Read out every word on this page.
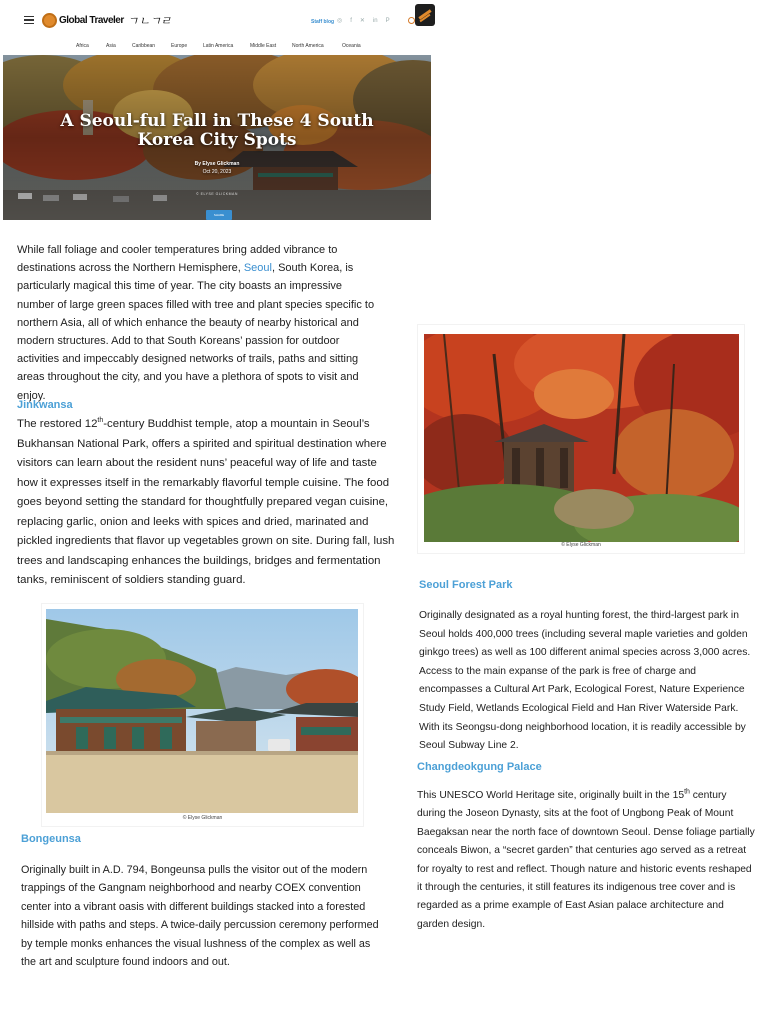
Global Traveler ㄱ ㄴㄱㄹ	Staff blog ◎ f ✕ in P
Africa	Asia	Caribbean	Europe	Latin America	Middle East	North America	Oceania
A Seoul-ful Fall in These 4 South Korea City Spots
By Elyse Glickman
Oct 20, 2023
© ELYSE GLICKMAN
SHARE

While fall foliage and cooler temperatures bring added vibrance to destinations across the Northern Hemisphere, Seoul, South Korea, is particularly magical this time of year. The city boasts an impressive number of large green spaces filled with tree and plant species specific to northern Asia, all of which enhance the beauty of nearby historical and modern structures. Add to that South Koreans’ passion for outdoor activities and impeccably designed networks of trails, paths and sitting areas throughout the city, and you have a plethora of spots to visit and enjoy.

Jinkwansa

The restored 12th-century Buddhist temple, atop a mountain in Seoul’s Bukhansan National Park, offers a spirited and spiritual destination where visitors can learn about the resident nuns’ peaceful way of life and taste how it expresses itself in the remarkably flavorful temple cuisine. The food goes beyond setting the standard for thoughtfully prepared vegan cuisine, replacing garlic, onion and leeks with spices and dried, marinated and pickled ingredients that flavor up vegetables grown on site. During fall, lush trees and landscaping enhances the buildings, bridges and fermentation tanks, reminiscent of soldiers standing guard.

© Elyse Glickman
Seoul Forest Park

Originally designated as a royal hunting forest, the third-largest park in Seoul holds 400,000 trees (including several maple varieties and golden ginkgo trees) as well as 100 different animal species across 3,000 acres. Access to the main expanse of the park is free of charge and encompasses a Cultural Art Park, Ecological Forest, Nature Experience Study Field, Wetlands Ecological Field and Han River Waterside Park. With its Seongsu-dong neighborhood location, it is readily accessible by Seoul Subway Line 2.

Changdeokgung Palace

This UNESCO World Heritage site, originally built in the 15th century during the Joseon Dynasty, sits at the foot of Ungbong Peak of Mount Baegaksan near the north face of downtown Seoul. Dense foliage partially conceals Biwon, a “secret garden” that centuries ago served as a retreat for royalty to rest and reflect. Though nature and historic events reshaped it through the centuries, it still features its indigenous tree cover and is regarded as a prime example of East Asian palace architecture and garden design.

© Elyse Glickman
Bongeunsa

Originally built in A.D. 794, Bongeunsa pulls the visitor out of the modern trappings of the Gangnam neighborhood and nearby COEX convention center into a vibrant oasis with different buildings stacked into a forested hillside with paths and steps. A twice-daily percussion ceremony performed by temple monks enhances the visual lushness of the complex as well as the art and sculpture found indoors and out.
